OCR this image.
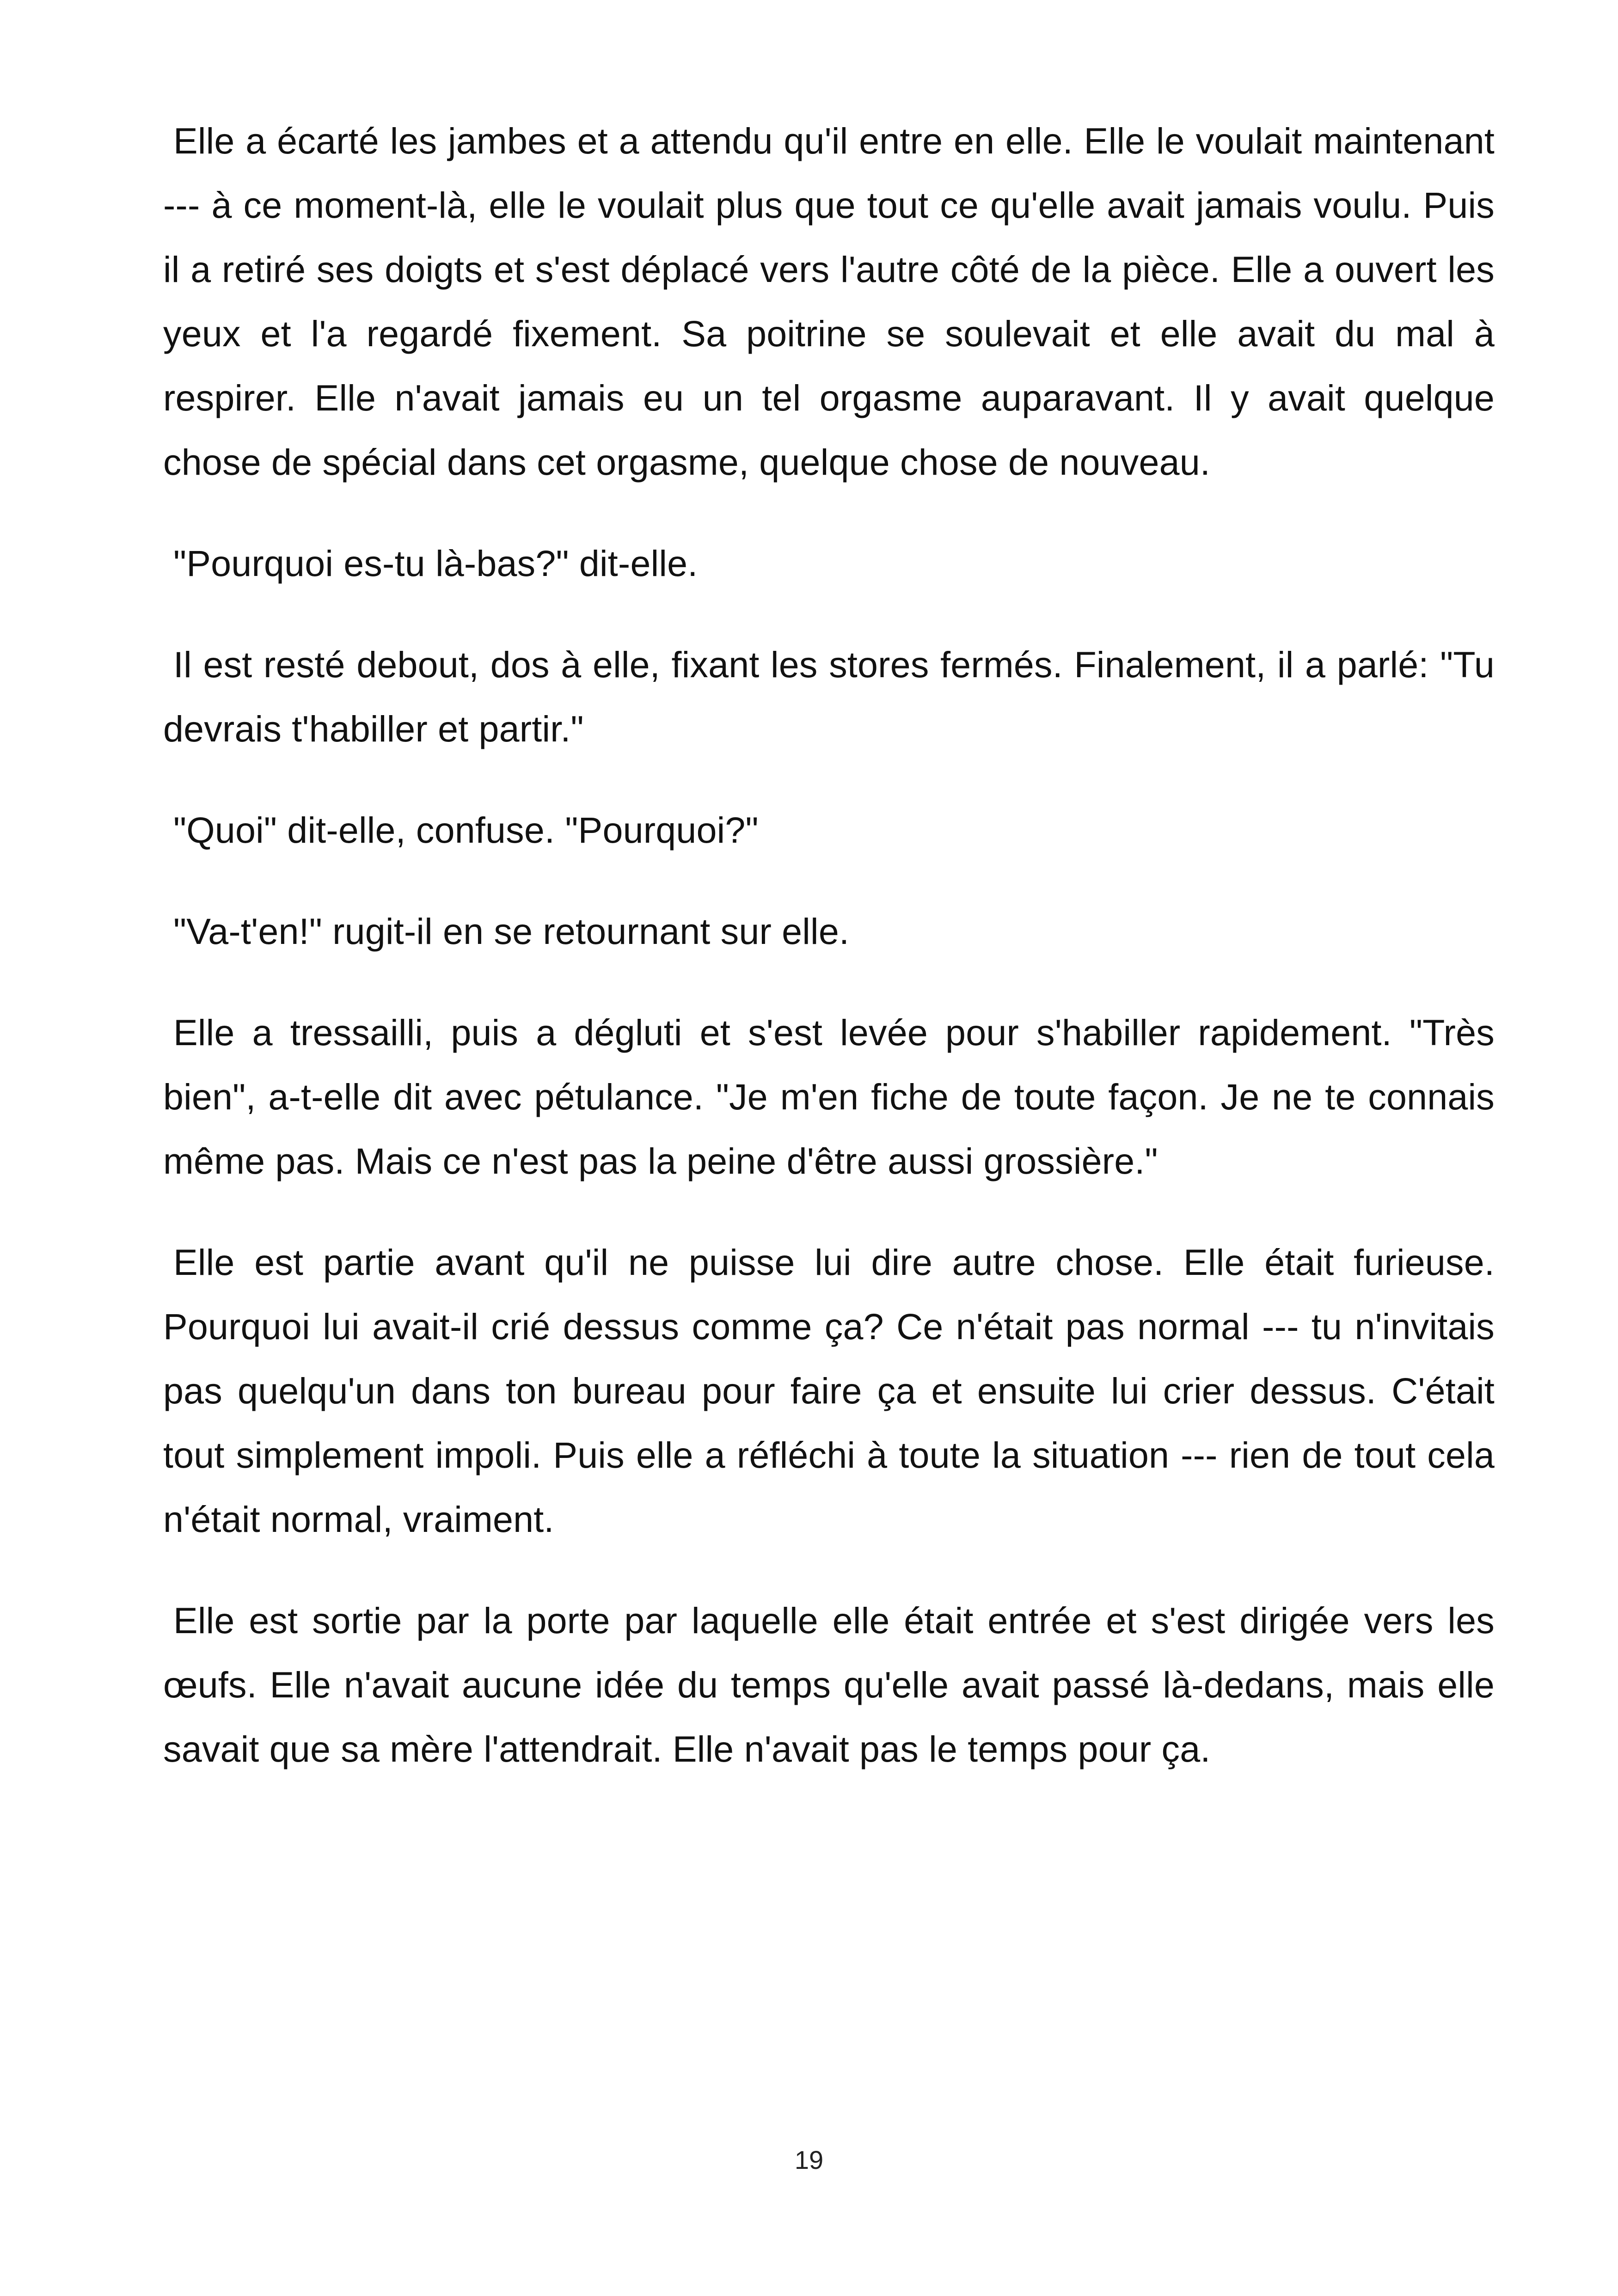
Elle a écarté les jambes et a attendu qu'il entre en elle. Elle le voulait maintenant --- à ce moment-là, elle le voulait plus que tout ce qu'elle avait jamais voulu. Puis il a retiré ses doigts et s'est déplacé vers l'autre côté de la pièce. Elle a ouvert les yeux et l'a regardé fixement. Sa poitrine se soulevait et elle avait du mal à respirer. Elle n'avait jamais eu un tel orgasme auparavant. Il y avait quelque chose de spécial dans cet orgasme, quelque chose de nouveau.

"Pourquoi es-tu là-bas?" dit-elle.

Il est resté debout, dos à elle, fixant les stores fermés. Finalement, il a parlé: "Tu devrais t'habiller et partir."

"Quoi" dit-elle, confuse. "Pourquoi?"

"Va-t'en!" rugit-il en se retournant sur elle.

Elle a tressailli, puis a dégluti et s'est levée pour s'habiller rapidement. "Très bien", a-t-elle dit avec pétulance. "Je m'en fiche de toute façon. Je ne te connais même pas. Mais ce n'est pas la peine d'être aussi grossière."

Elle est partie avant qu'il ne puisse lui dire autre chose. Elle était furieuse. Pourquoi lui avait-il crié dessus comme ça? Ce n'était pas normal --- tu n'invitais pas quelqu'un dans ton bureau pour faire ça et ensuite lui crier dessus. C'était tout simplement impoli. Puis elle a réfléchi à toute la situation --- rien de tout cela n'était normal, vraiment.

Elle est sortie par la porte par laquelle elle était entrée et s'est dirigée vers les œufs. Elle n'avait aucune idée du temps qu'elle avait passé là-dedans, mais elle savait que sa mère l'attendrait. Elle n'avait pas le temps pour ça.

19
